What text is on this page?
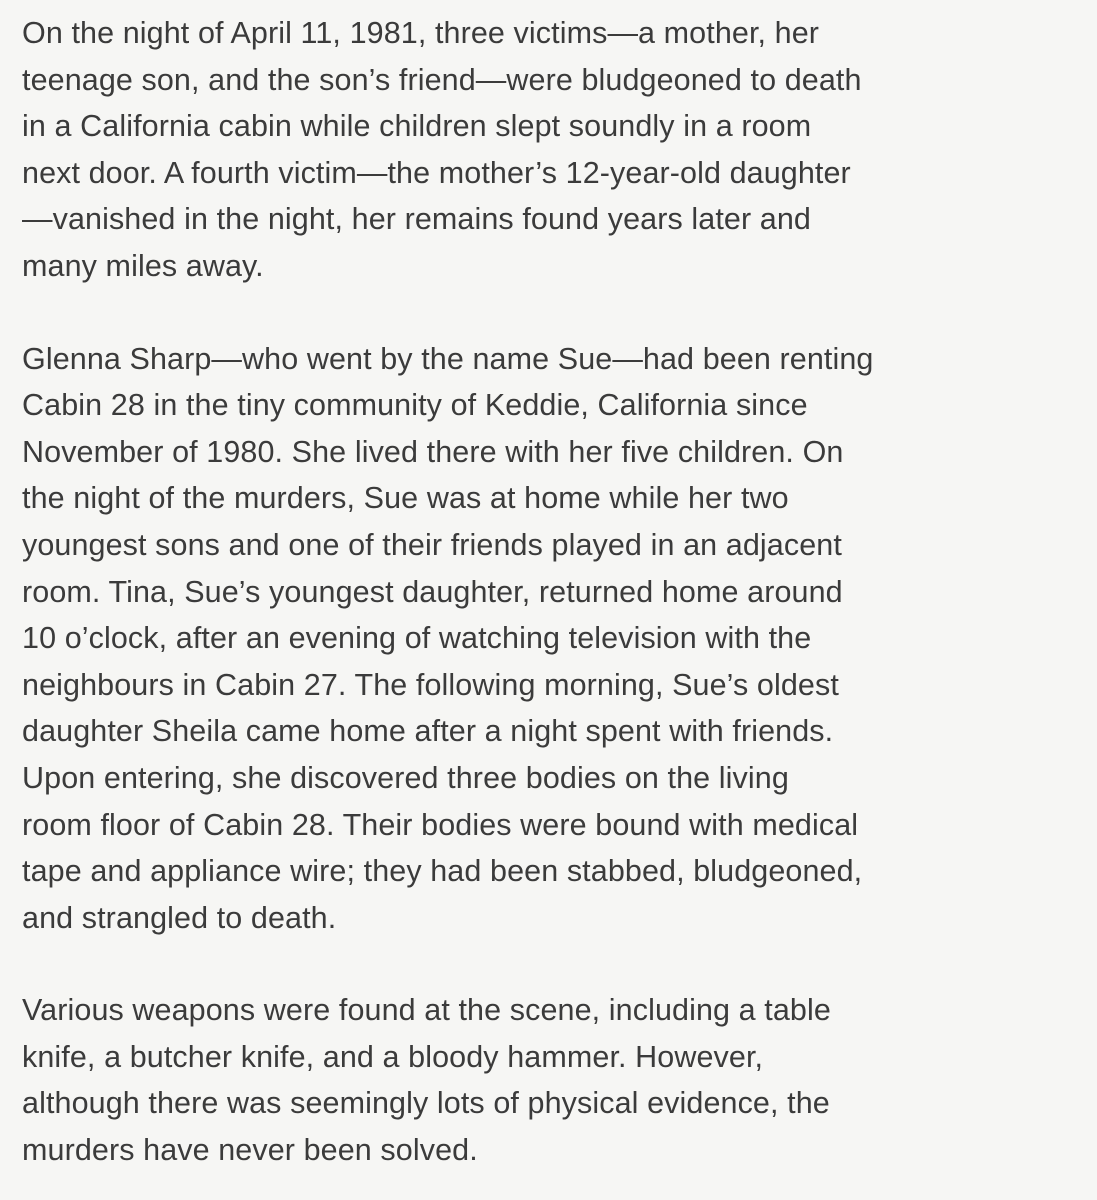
On the night of April 11, 1981, three victims—a mother, her
teenage son, and the son’s friend—were bludgeoned to death
in a California cabin while children slept soundly in a room
next door. A fourth victim—the mother’s 12-year-old daughter
—vanished in the night, her remains found years later and
many miles away.

Glenna Sharp—who went by the name Sue—had been renting
Cabin 28 in the tiny community of Keddie, California since
November of 1980. She lived there with her five children. On
the night of the murders, Sue was at home while her two
youngest sons and one of their friends played in an adjacent
room. Tina, Sue’s youngest daughter, returned home around
10 o’clock, after an evening of watching television with the
neighbours in Cabin 27. The following morning, Sue’s oldest
daughter Sheila came home after a night spent with friends.
Upon entering, she discovered three bodies on the living
room floor of Cabin 28. Their bodies were bound with medical
tape and appliance wire; they had been stabbed, bludgeoned,
and strangled to death.

Various weapons were found at the scene, including a table
knife, a butcher knife, and a bloody hammer. However,
although there was seemingly lots of physical evidence, the
murders have never been solved.
